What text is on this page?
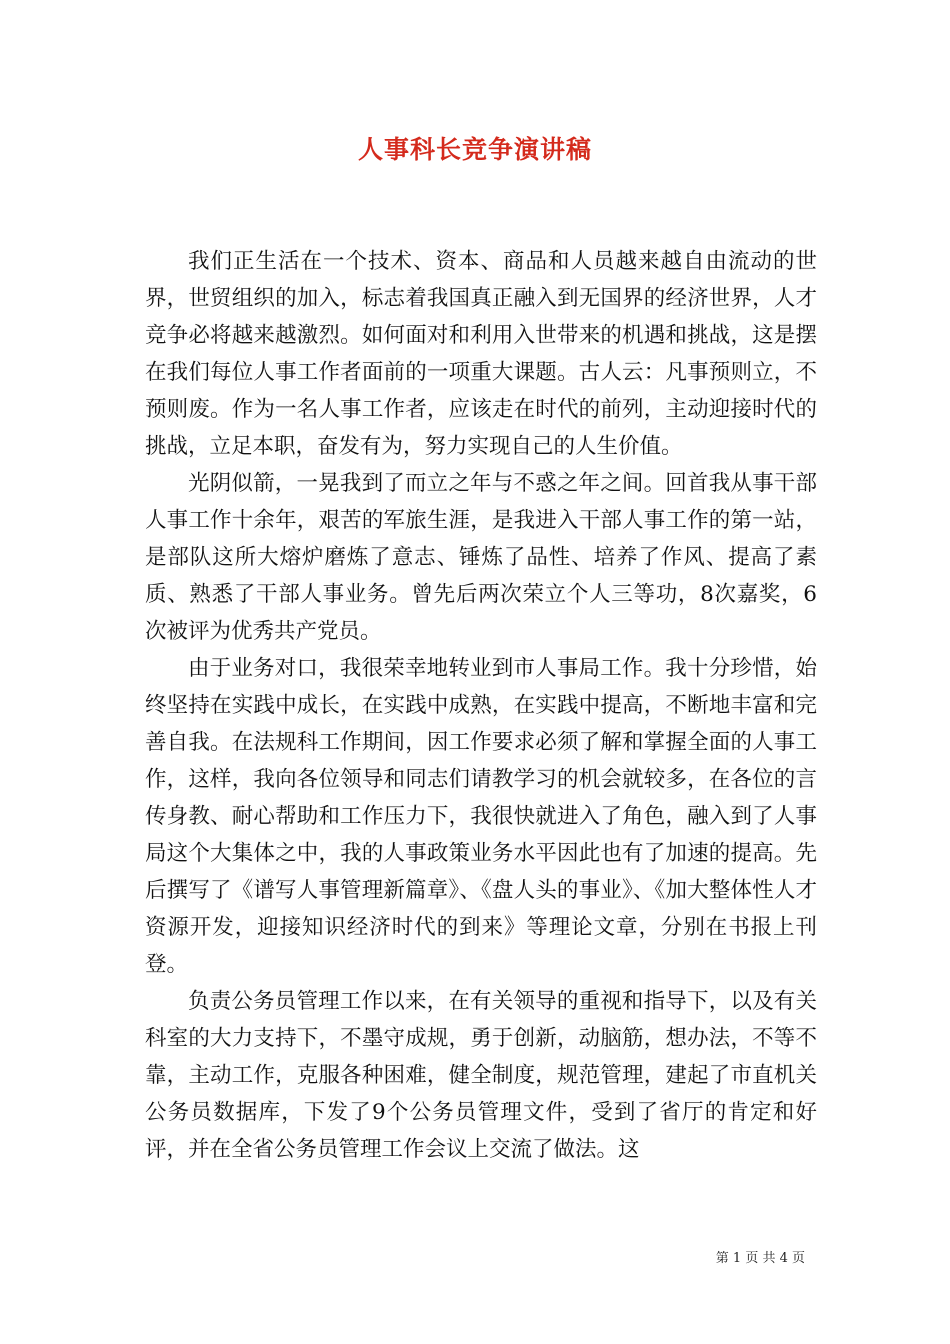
人事科长竞争演讲稿

我们正生活在一个技术、资本、商品和人员越来越自由流动的世界，世贸组织的加入，标志着我国真正融入到无国界的经济世界，人才竞争必将越来越激烈。如何面对和利用入世带来的机遇和挑战，这是摆在我们每位人事工作者面前的一项重大课题。古人云：凡事预则立，不预则废。作为一名人事工作者，应该走在时代的前列，主动迎接时代的挑战，立足本职，奋发有为，努力实现自己的人生价值。

光阴似箭，一晃我到了而立之年与不惑之年之间。回首我从事干部人事工作十余年，艰苦的军旅生涯，是我进入干部人事工作的第一站，是部队这所大熔炉磨炼了意志、锤炼了品性、培养了作风、提高了素质、熟悉了干部人事业务。曾先后两次荣立个人三等功，8次嘉奖，6次被评为优秀共产党员。

由于业务对口，我很荣幸地转业到市人事局工作。我十分珍惜，始终坚持在实践中成长，在实践中成熟，在实践中提高，不断地丰富和完善自我。在法规科工作期间，因工作要求必须了解和掌握全面的人事工作，这样，我向各位领导和同志们请教学习的机会就较多，在各位的言传身教、耐心帮助和工作压力下，我很快就进入了角色，融入到了人事局这个大集体之中，我的人事政策业务水平因此也有了加速的提高。先后撰写了《谱写人事管理新篇章》、《盘人头的事业》、《加大整体性人才资源开发，迎接知识经济时代的到来》等理论文章，分别在书报上刊登。

负责公务员管理工作以来，在有关领导的重视和指导下，以及有关科室的大力支持下，不墨守成规，勇于创新，动脑筋，想办法，不等不靠，主动工作，克服各种困难，健全制度，规范管理，建起了市直机关公务员数据库，下发了9个公务员管理文件，受到了省厅的肯定和好评，并在全省公务员管理工作会议上交流了做法。这

第 1 页 共 4 页
